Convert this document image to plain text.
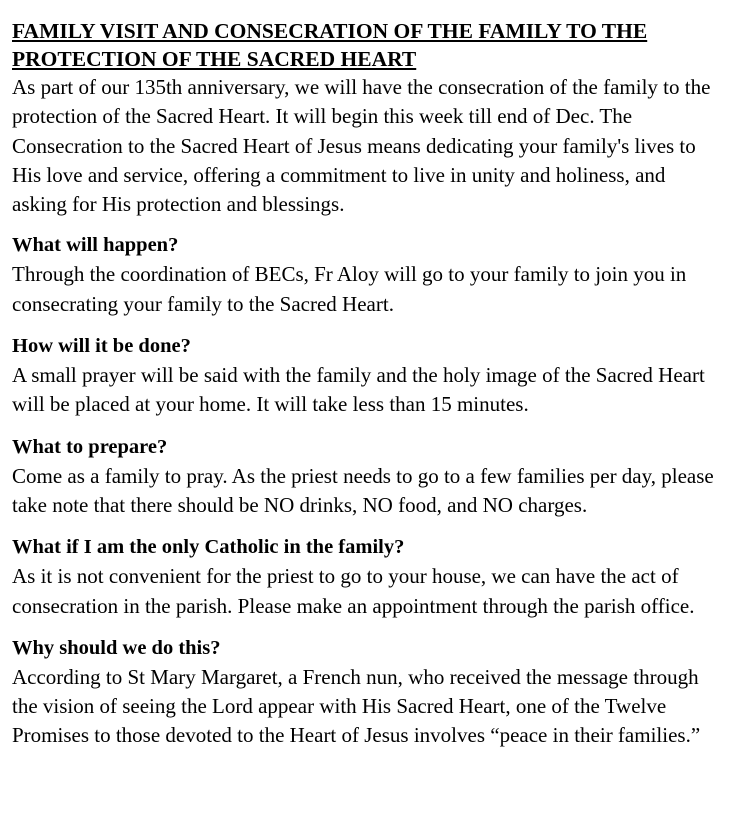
FAMILY VISIT AND CONSECRATION OF THE FAMILY TO THE
PROTECTION OF THE SACRED HEART

As part of our 135th anniversary, we will have the consecration of the family to the protection of the Sacred Heart. It will begin this week till end of Dec. The Consecration to the Sacred Heart of Jesus means dedicating your family's lives to His love and service, offering a commitment to live in unity and holiness, and asking for His protection and blessings.

What will happen?

Through the coordination of BECs, Fr Aloy will go to your family to join you in consecrating your family to the Sacred Heart.

How will it be done?

A small prayer will be said with the family and the holy image of the Sacred Heart will be placed at your home. It will take less than 15 minutes.

What to prepare?

Come as a family to pray. As the priest needs to go to a few families per day, please take note that there should be NO drinks, NO food, and NO charges.

What if I am the only Catholic in the family?

As it is not convenient for the priest to go to your house, we can have the act of consecration in the parish. Please make an appointment through the parish office.

Why should we do this?

According to St Mary Margaret, a French nun, who received the message through the vision of seeing the Lord appear with His Sacred Heart, one of the Twelve Promises to those devoted to the Heart of Jesus involves “peace in their families.”
